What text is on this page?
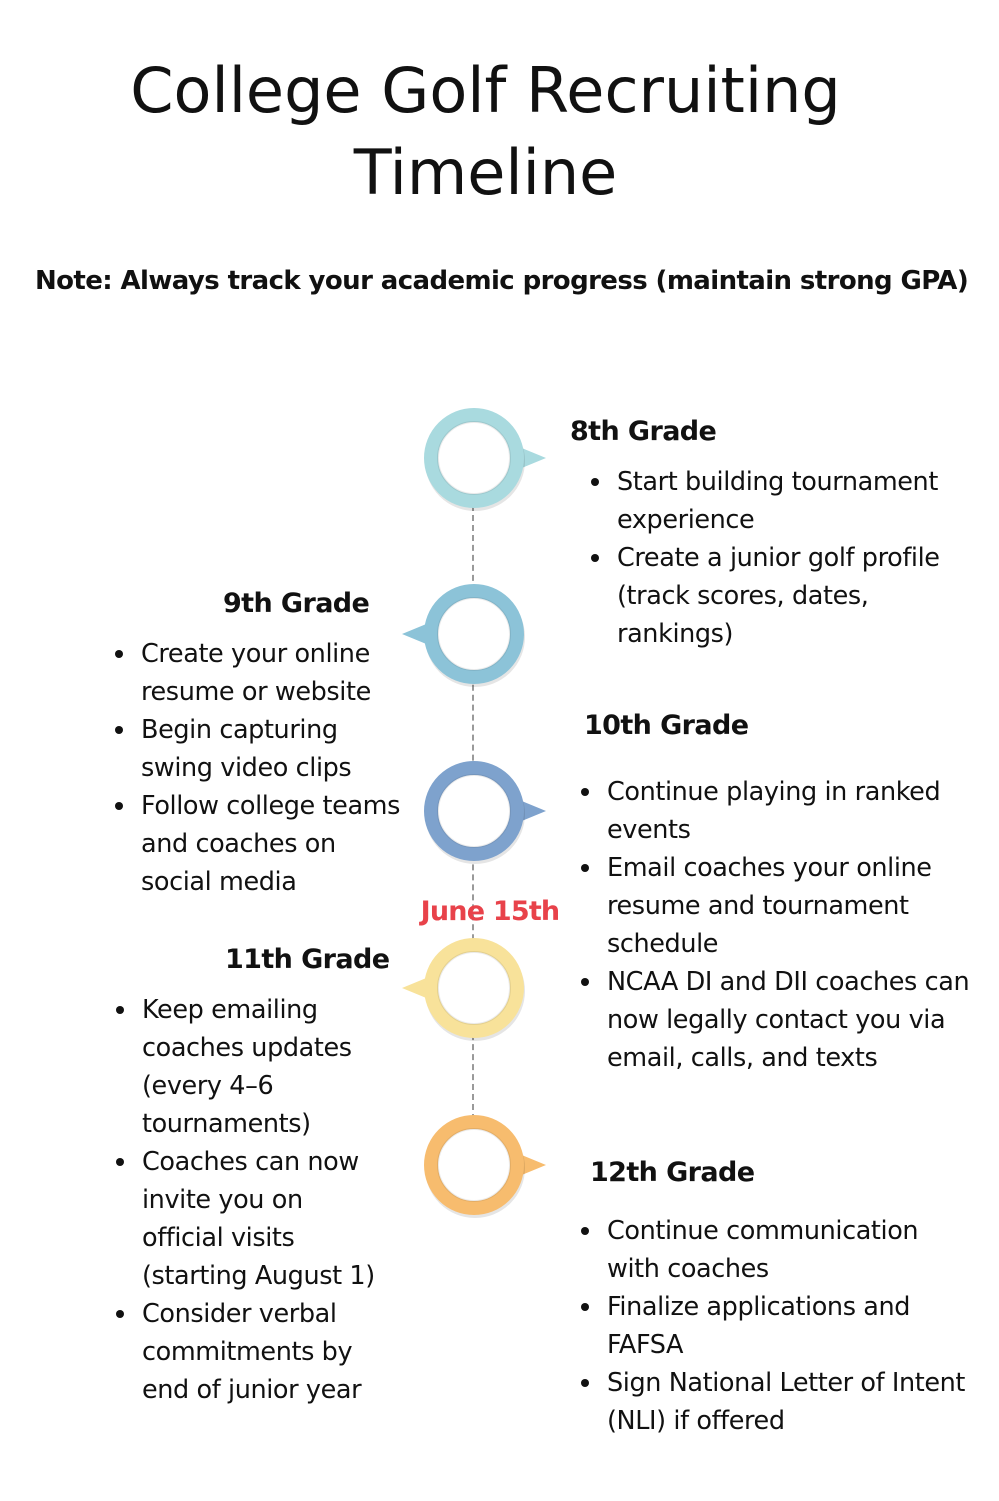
College Golf Recruiting
Timeline

Note: Always track your academic progress (maintain strong GPA)

June 15th

8th Grade
Start building tournament experience
Create a junior golf profile (track scores, dates, rankings)
9th Grade
Create your online resume or website
Begin capturing swing video clips
Follow college teams and coaches on social media
10th Grade
Continue playing in ranked events
Email coaches your online resume and tournament schedule
NCAA DI and DII coaches can now legally contact you via email, calls, and texts
11th Grade
Keep emailing coaches updates (every 4–6 tournaments)
Coaches can now invite you on official visits (starting August 1)
Consider verbal commitments by end of junior year
12th Grade
Continue communication with coaches
Finalize applications and FAFSA
Sign National Letter of Intent (NLI) if offered
